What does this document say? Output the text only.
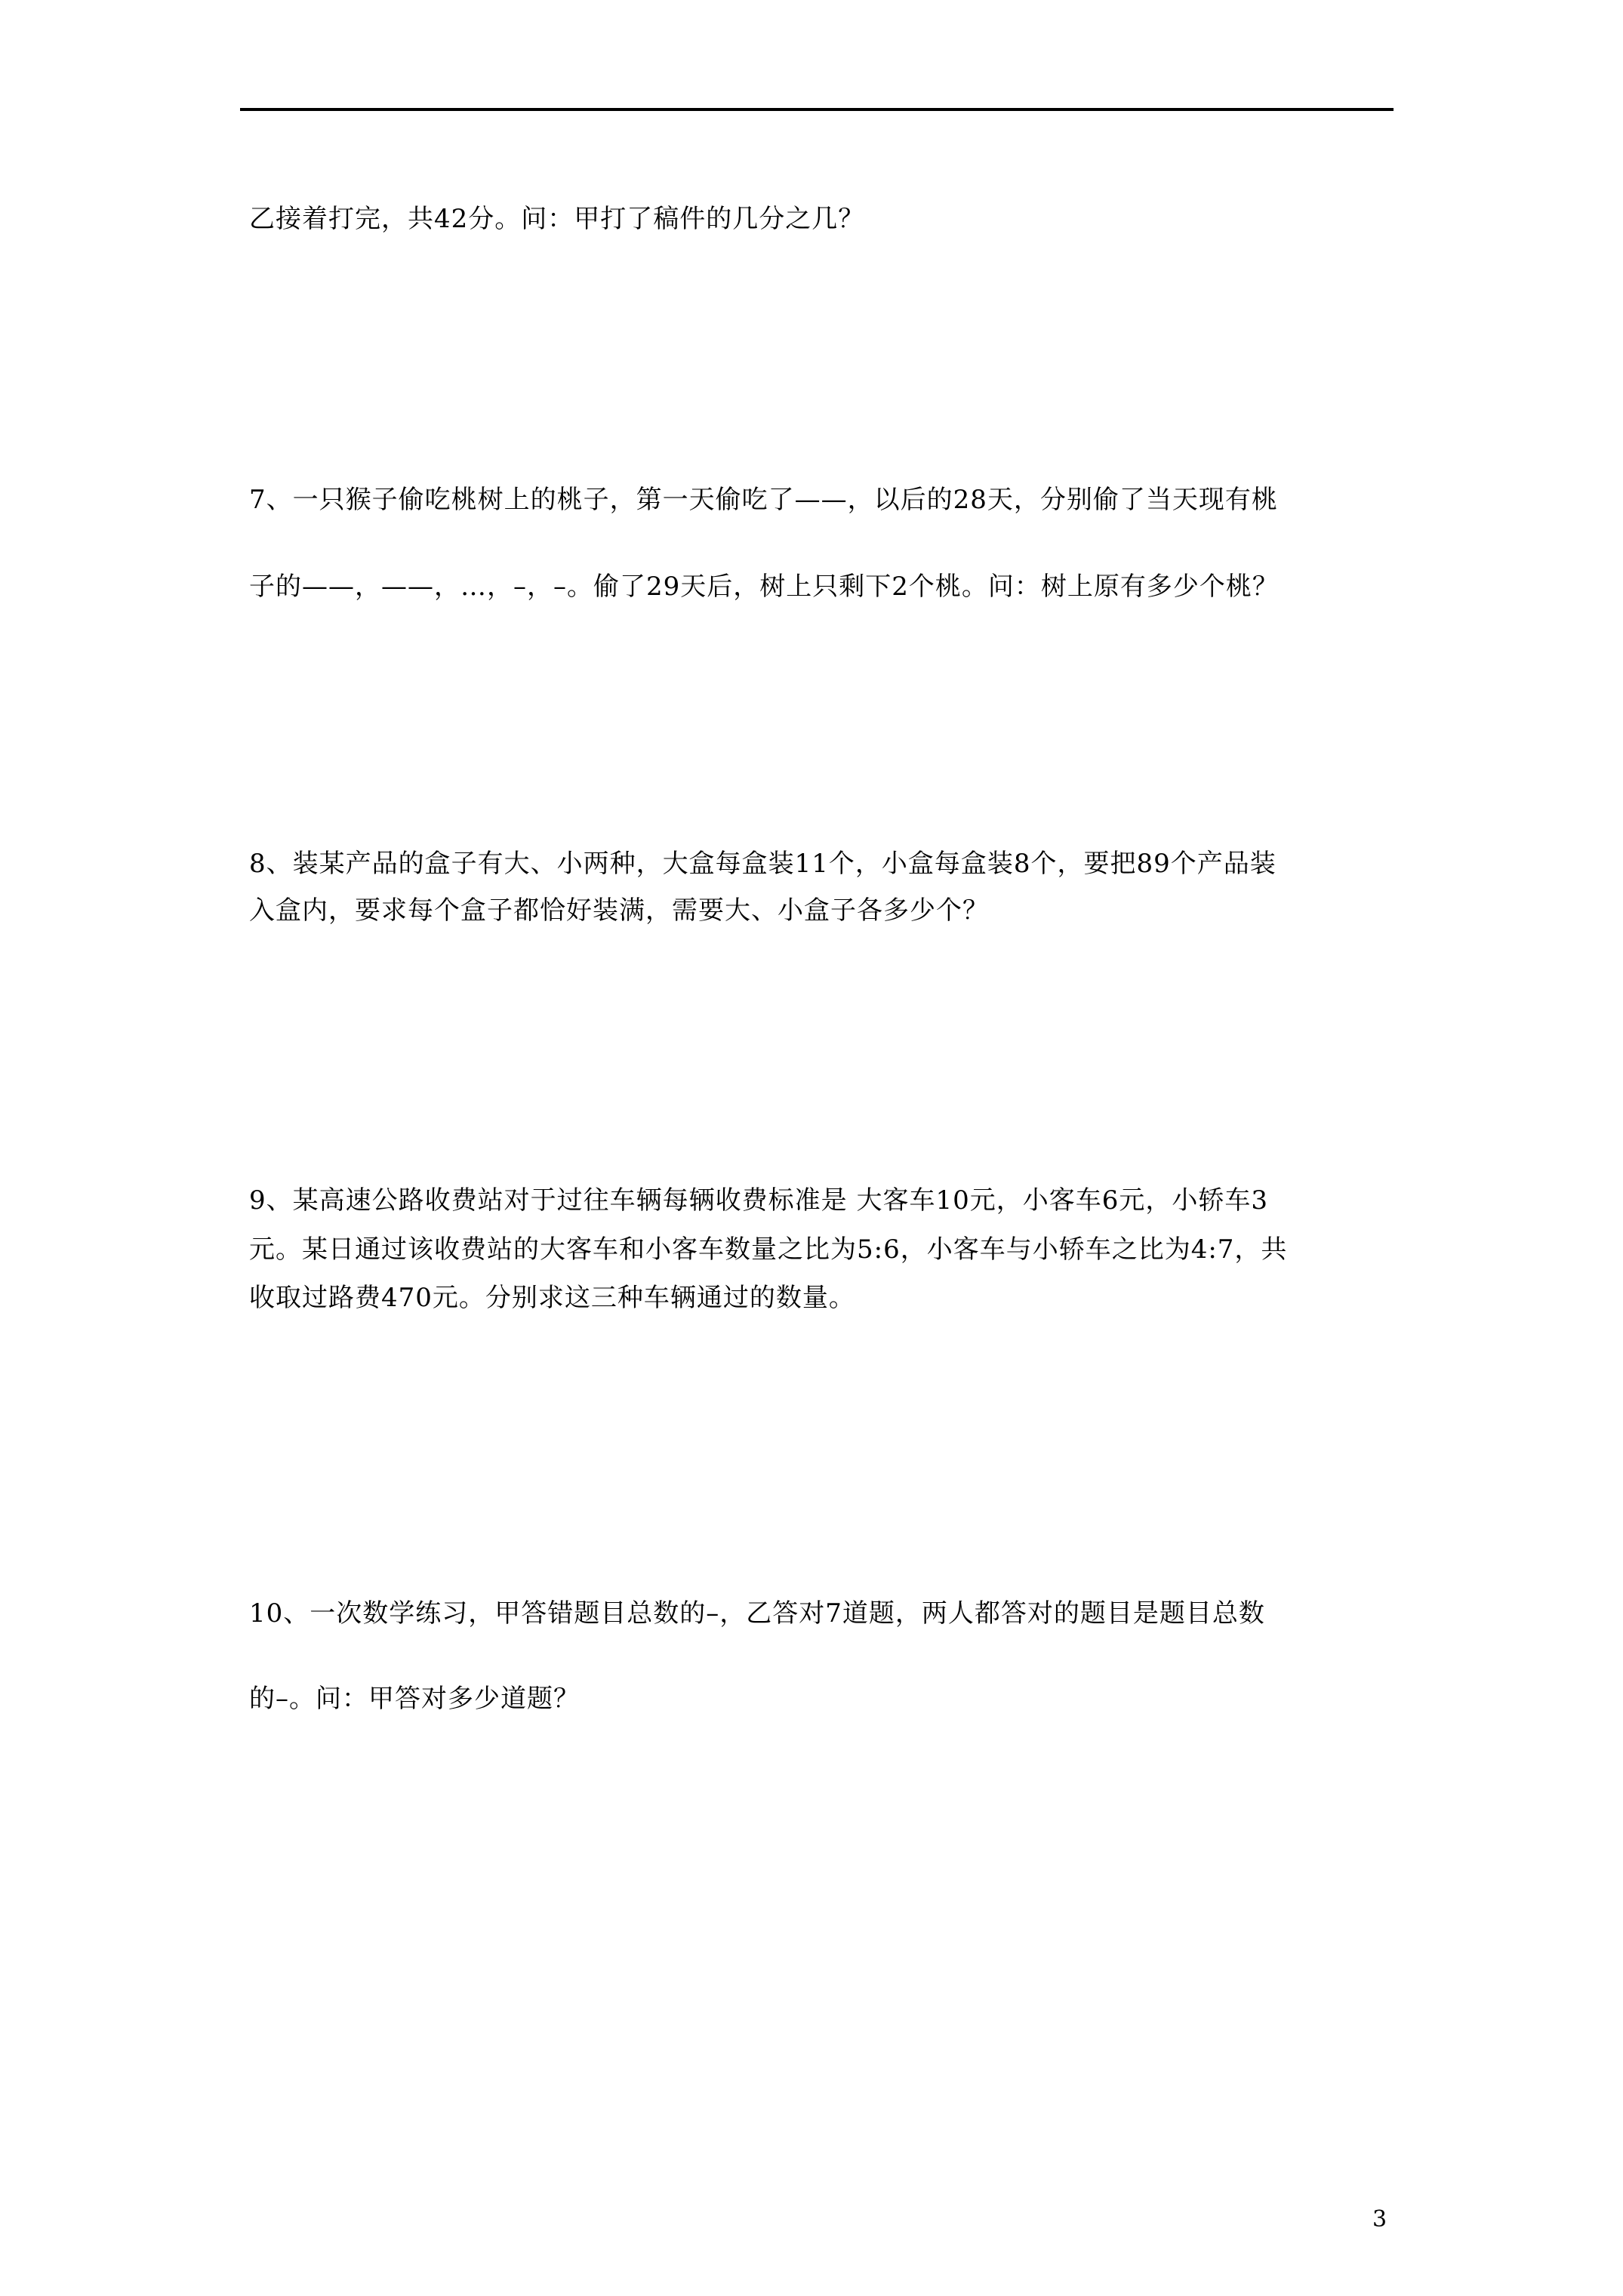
乙接着打完，共42分。问：甲打了稿件的几分之几？
7、一只猴子偷吃桃树上的桃子，第一天偷吃了——，以后的28天，分别偷了当天现有桃
子的——，——，…，–，–。偷了29天后，树上只剩下2个桃。问：树上原有多少个桃？
8、装某产品的盒子有大、小两种，大盒每盒装11个，小盒每盒装8个，要把89个产品装
入盒内，要求每个盒子都恰好装满，需要大、小盒子各多少个？
9、某高速公路收费站对于过往车辆每辆收费标准是 大客车10元，小客车6元，小轿车3
元。某日通过该收费站的大客车和小客车数量之比为5:6，小客车与小轿车之比为4:7，共
收取过路费470元。分别求这三种车辆通过的数量。
10、一次数学练习，甲答错题目总数的–，乙答对7道题，两人都答对的题目是题目总数
的–。问：甲答对多少道题？
3
